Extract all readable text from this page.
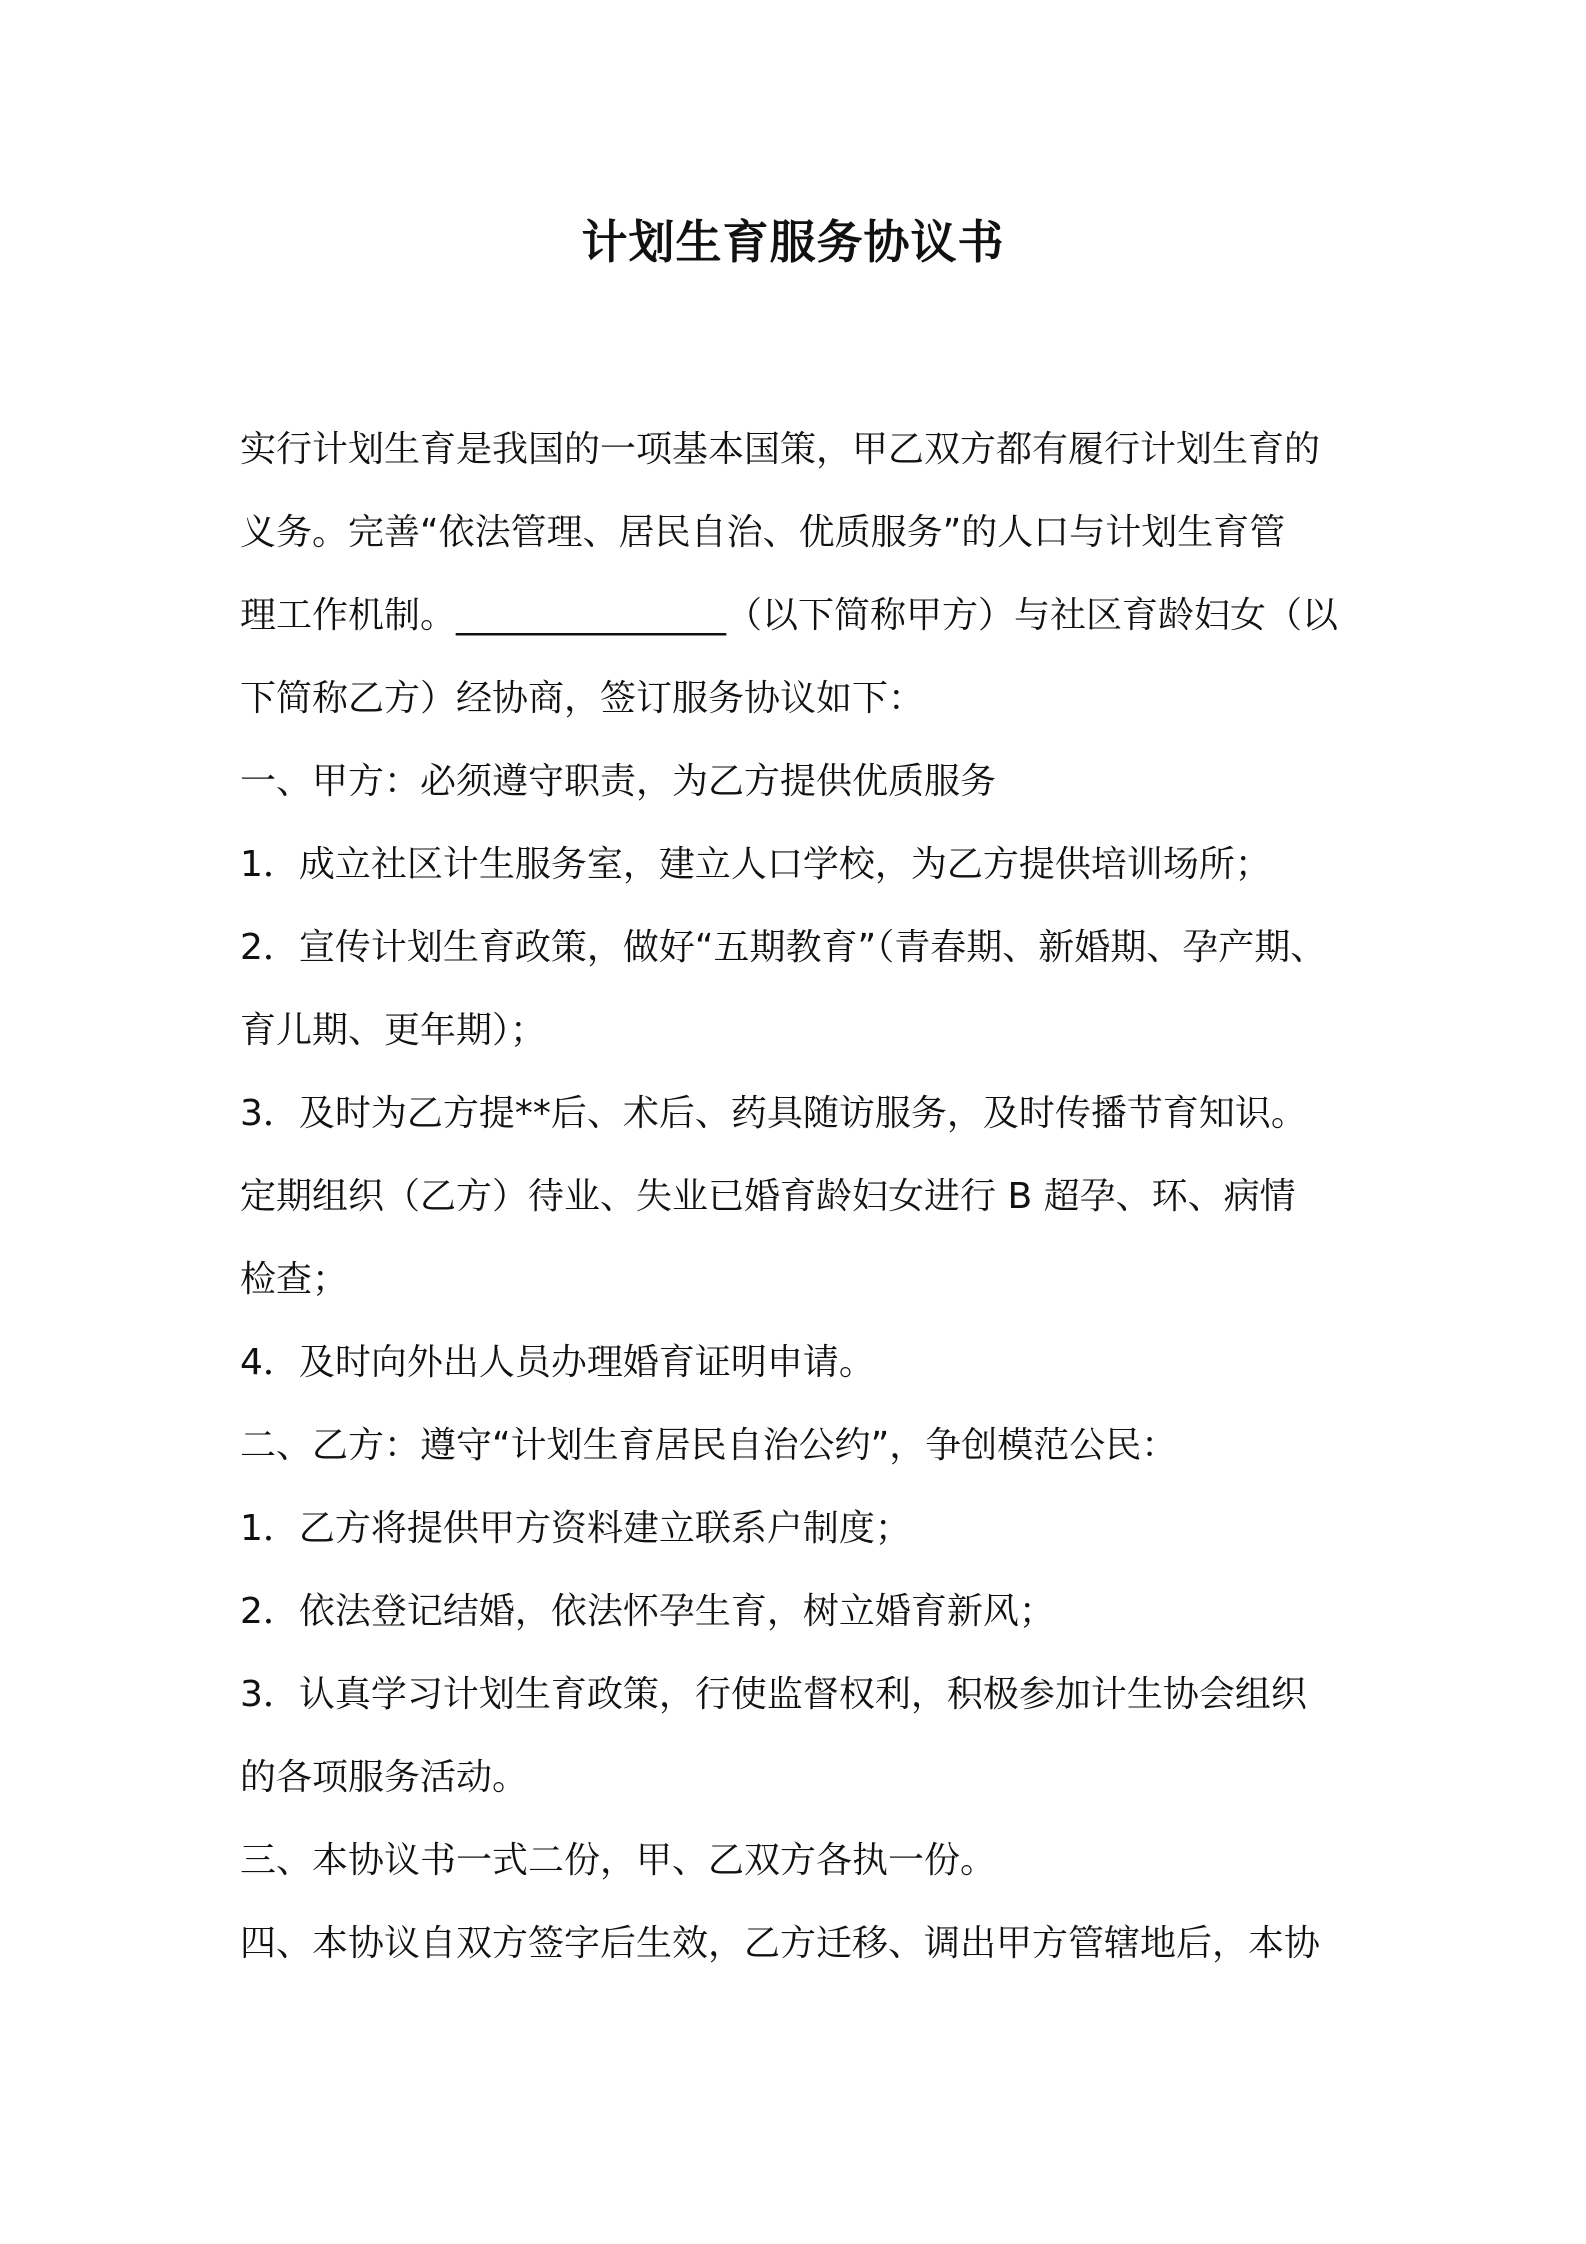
计划生育服务协议书

实行计划生育是我国的一项基本国策，甲乙双方都有履行计划生育的

义务。完善“依法管理、居民自治、优质服务”的人口与计划生育管

理工作机制。_______________（以下简称甲方）与社区育龄妇女（以

下简称乙方）经协商，签订服务协议如下：

一、甲方：必须遵守职责，为乙方提供优质服务

1．成立社区计生服务室，建立人口学校，为乙方提供培训场所；

2．宣传计划生育政策，做好“五期教育”（青春期、新婚期、孕产期、

育儿期、更年期）；

3．及时为乙方提**后、术后、药具随访服务，及时传播节育知识。

定期组织（乙方）待业、失业已婚育龄妇女进行 B 超孕、环、病情

检查；

4．及时向外出人员办理婚育证明申请。

二、乙方：遵守“计划生育居民自治公约”，争创模范公民：

1．乙方将提供甲方资料建立联系户制度；

2．依法登记结婚，依法怀孕生育，树立婚育新风；

3．认真学习计划生育政策，行使监督权利，积极参加计生协会组织

的各项服务活动。

三、本协议书一式二份，甲、乙双方各执一份。

四、本协议自双方签字后生效，乙方迁移、调出甲方管辖地后，本协
